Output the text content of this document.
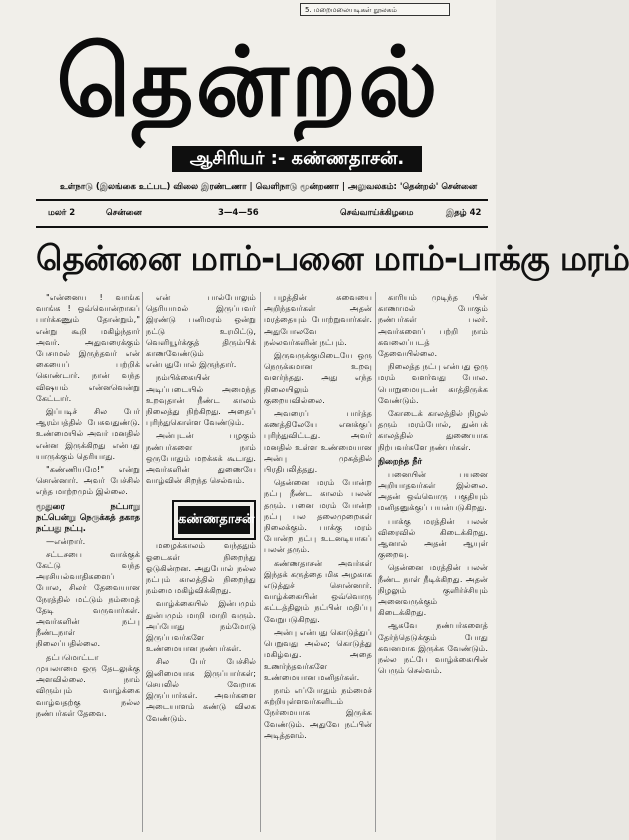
5. மறைமலையடிகள் நூலகம்
தென்றல்
ஆசிரியர் :- கண்ணதாசன்.
உள்நாடு (இலங்கை உட்பட) விலை இரண்டணா | வெளிநாடு மூன்றணா | அலுவலகம்: 'தென்றல்' சென்னை
மலர் 2	சென்னை	3—4—56	செவ்வாய்க்கிழமை	இதழ் 42
தென்னை மாம்-பனை மாம்-பாக்கு மரம்

"என்னைய ! வாங்க வாங்க ! ஒவ்வொன்றாகப் பார்க்கணும் தோன்றும்," என்று கூறி மகிழ்ந்தார் அவர். அதுவரைக்கும் பேசாமல் இருந்தவர் என் கையைப் பற்றிக் கொண்டார். நான் வந்த விஷயம் என்னவென்று கேட்டார்.

இப்படிச் சில பேர் ஆரம்பத்தில் பேசுவதுண்டு. உண்மையில் அவர் மனதில் என்ன இருக்கிறது என்பது யாருக்கும் தெரியாது.

"கண்ணியமே!" என்று சொன்னார். அவர் பேச்சில் எந்த மாற்றமும் இல்லை.

மூதுரை நட்பாறு நட்பென்று நெருக்கத் தகாத நட்பது நட்பு.

—என்றார்.

சட்டசபை வாக்குக் கேட்டு வந்த அரசியல்வாதிகளைப் போல, சிலர் தேவையான நேரத்தில் மட்டும் நம்மைத் தேடி வருவார்கள். அவர்களின் நட்பு நீண்டநாள் நிலைப்பதில்லை.

தட்பமொட்டா முயலாமை ஒரு தேடலுக்கு அளவில்லை. நாம் விரும்பும் வாழ்க்கை வாழ்வதற்கு நல்ல நண்பர்கள் தேவை.

என் பால்போலும் தெரியாமல் இருப்பவர் இரண்டு பனிமரம் ஒன்று நட்டு உரமிட்டு, வெளியூர்க்குத் திரும்பிக் காணவேண்டும் என்பதுபோல் இருந்தார்.

நம்பிக்கையின் அடிப்படையில் அமைந்த உறவுதான் நீண்ட காலம் நிலைத்து நிற்கிறது. அதைப் புரிந்துகொள்ள வேண்டும்.

அன்புடன் பழகும் நண்பர்களை நாம் ஒருபோதும் மறக்கக் கூடாது. அவர்களின் துணையே வாழ்வின் சிறந்த செல்வம்.

மழைக்காலம் வந்ததும் ஓடைகள் நிறைந்து ஓடுகின்றன. அதுபோல் நல்ல நட்பும் காலத்தில் நிறைந்து நம்மை மகிழ்விக்கிறது.

வாழ்க்கையில் இன்பமும் துன்பமும் மாறி மாறி வரும். அப்போது நம்மோடு இருப்பவர்களே உண்மையான நண்பர்கள்.

சில பேர் பேச்சில் இனிமையாக இருப்பார்கள்; செயலில் வேறாக இருப்பார்கள். அவர்களை அடையாளம் கண்டு விலக வேண்டும்.

கண்ணதாசன்

பழத்தின் சுவையை அறிந்தவர்கள் அதன் மரத்தையும் போற்றுவார்கள். அதுபோலவே நல்லவர்களின் நட்பும்.

இருவருக்குமிடையே ஒரு நெருக்கமான உறவு வளர்ந்தது. அது எந்த நிலையிலும் குறையவில்லை.

அவரைப் பார்த்த கணத்திலேயே எனக்குப் புரிந்துவிட்டது. அவர் மனதில் உள்ள உண்மையான அன்பு முகத்தில் பிரதிபலித்தது.

தென்னை மரம் போன்ற நட்பு நீண்ட காலம் பலன் தரும். பனை மரம் போன்ற நட்பு பல தலைமுறைகள் நிலைக்கும். பாக்கு மரம் போன்ற நட்பு உடனடியாகப் பலன் தரும்.

கண்ணதாசன் அவர்கள் இந்தக் கருத்தை மிக அழகாக எடுத்துச் சொன்னார். வாழ்க்கையின் ஒவ்வொரு கட்டத்திலும் நட்பின் மதிப்பு வேறுபடுகிறது.

அன்பு என்பது கொடுத்துப் பெறுவது அல்ல; கொடுத்து மகிழ்வது. அதை உணர்ந்தவர்களே உண்மையான மனிதர்கள்.

நாம் எப்போதும் நம்மைச் சுற்றியுள்ளவர்களிடம் நேர்மையாக இருக்க வேண்டும். அதுவே நட்பின் அடித்தளம்.

காரியம் முடிந்த பின் காணாமல் போகும் நண்பர்கள் பலர். அவர்களைப் பற்றி நாம் கவலைப்படத் தேவையில்லை.

நிலைத்த நட்பு என்பது ஒரு மரம் வளர்வது போல. பொறுமையுடன் காத்திருக்க வேண்டும்.

கோடைக் காலத்தில் நிழல் தரும் மரம்போல், துன்பக் காலத்தில் துணையாக நிற்பவர்களே நண்பர்கள்.

நிறைந்த நீர்

பனையின் பயனை அறியாதவர்கள் இல்லை. அதன் ஒவ்வொரு பகுதியும் மனிதனுக்குப் பயன்படுகிறது.

பாக்கு மரத்தின் பலன் விரைவில் கிடைக்கிறது. ஆனால் அதன் ஆயுள் குறைவு.

தென்னை மரத்தின் பலன் நீண்ட நாள் நீடிக்கிறது. அதன் நிழலும் குளிர்ச்சியும் அனைவருக்கும் கிடைக்கிறது.

ஆகவே நண்பர்களைத் தேர்ந்தெடுக்கும் போது கவனமாக இருக்க வேண்டும். நல்ல நட்பே வாழ்க்கையின் பெரும் செல்வம்.
